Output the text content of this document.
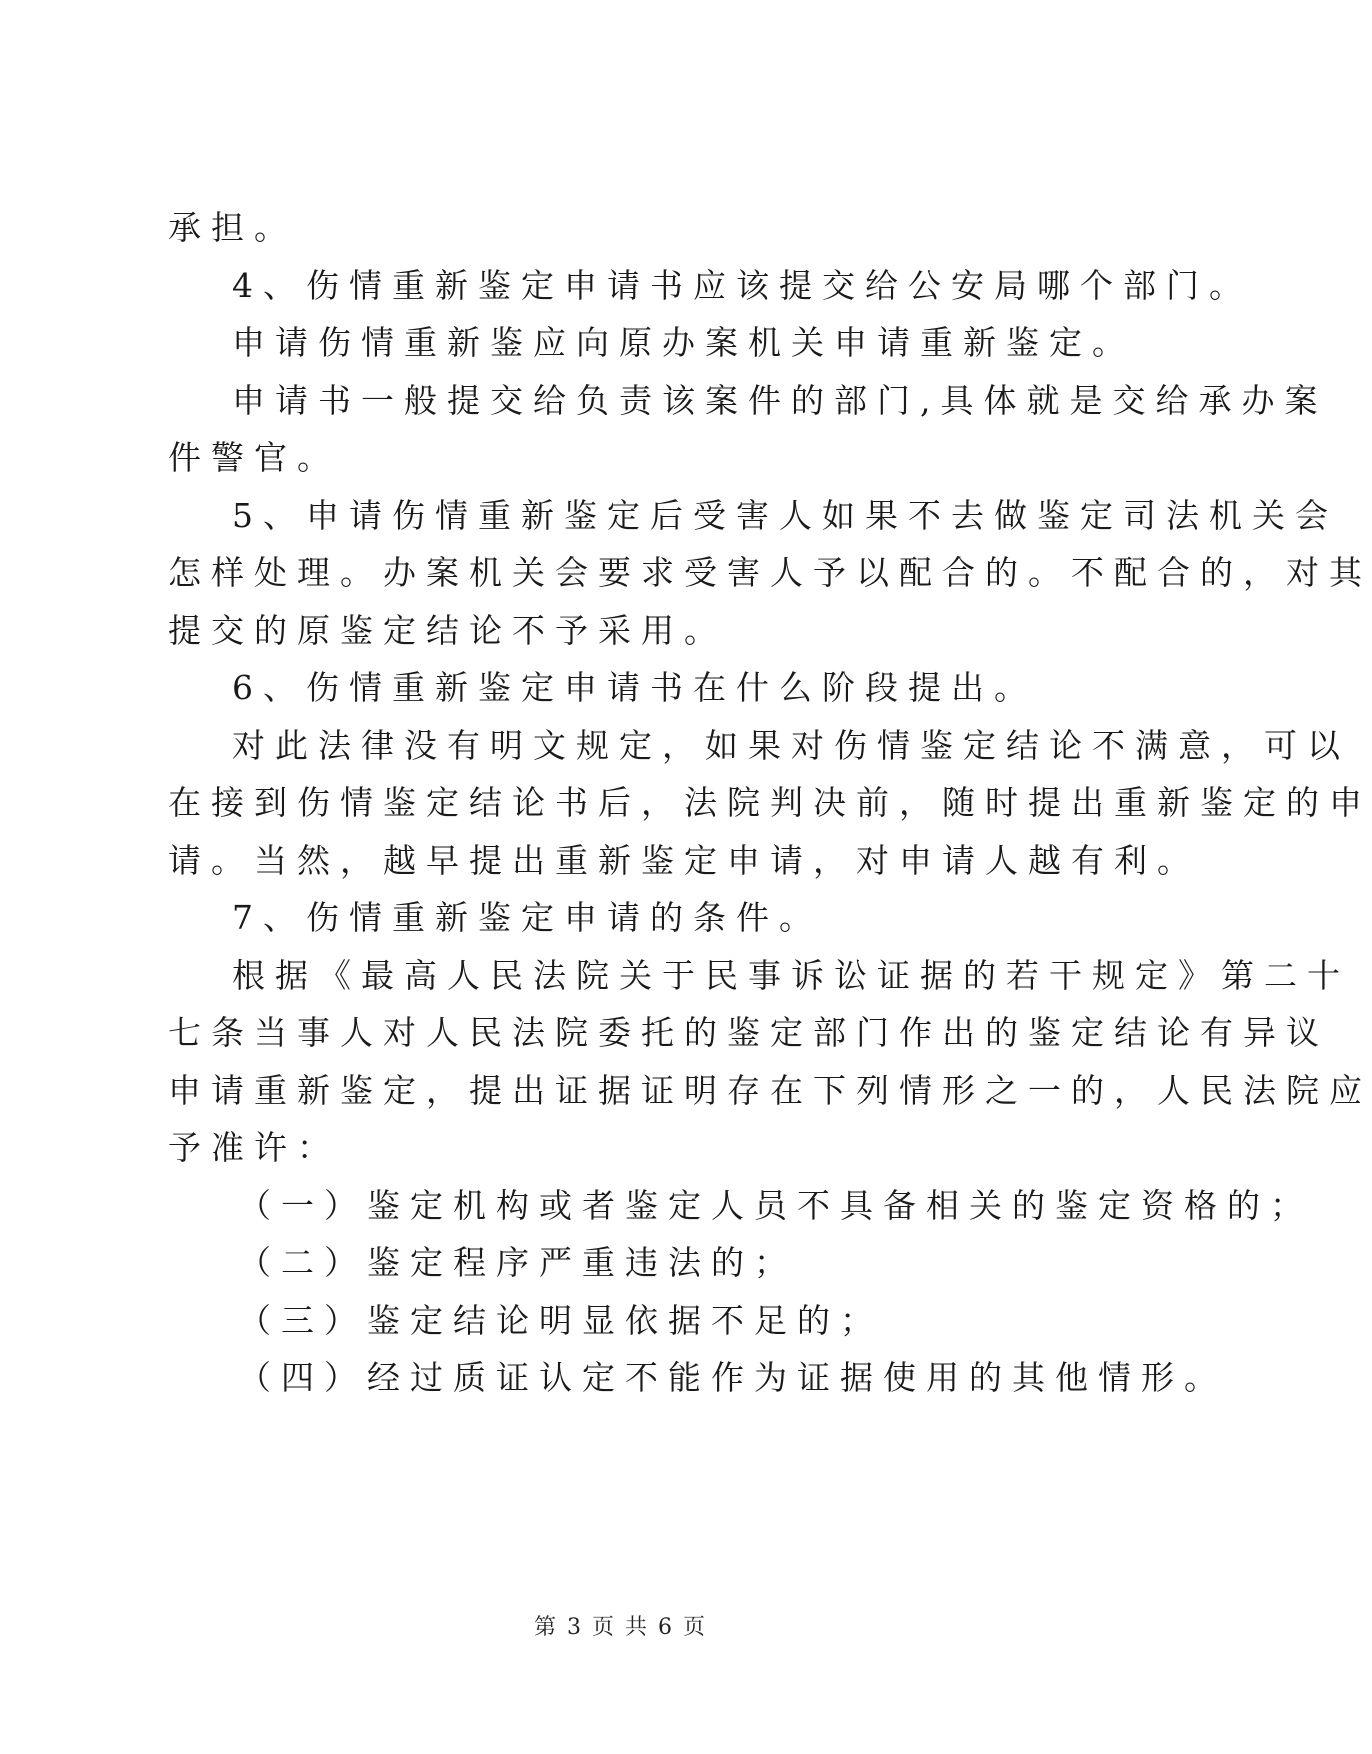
承担。
4、伤情重新鉴定申请书应该提交给公安局哪个部门。
申请伤情重新鉴应向原办案机关申请重新鉴定。
申请书一般提交给负责该案件的部门,具体就是交给承办案
件警官。
5、申请伤情重新鉴定后受害人如果不去做鉴定司法机关会
怎样处理。办案机关会要求受害人予以配合的。不配合的，对其
提交的原鉴定结论不予采用。
6、伤情重新鉴定申请书在什么阶段提出。
对此法律没有明文规定，如果对伤情鉴定结论不满意，可以
在接到伤情鉴定结论书后，法院判决前，随时提出重新鉴定的申
请。当然，越早提出重新鉴定申请，对申请人越有利。
7、伤情重新鉴定申请的条件。
根据《最高人民法院关于民事诉讼证据的若干规定》第二十
七条当事人对人民法院委托的鉴定部门作出的鉴定结论有异议
申请重新鉴定，提出证据证明存在下列情形之一的，人民法院应
予准许：
（一）鉴定机构或者鉴定人员不具备相关的鉴定资格的；
（二）鉴定程序严重违法的；
（三）鉴定结论明显依据不足的；
（四）经过质证认定不能作为证据使用的其他情形。
第 3 页 共 6 页
